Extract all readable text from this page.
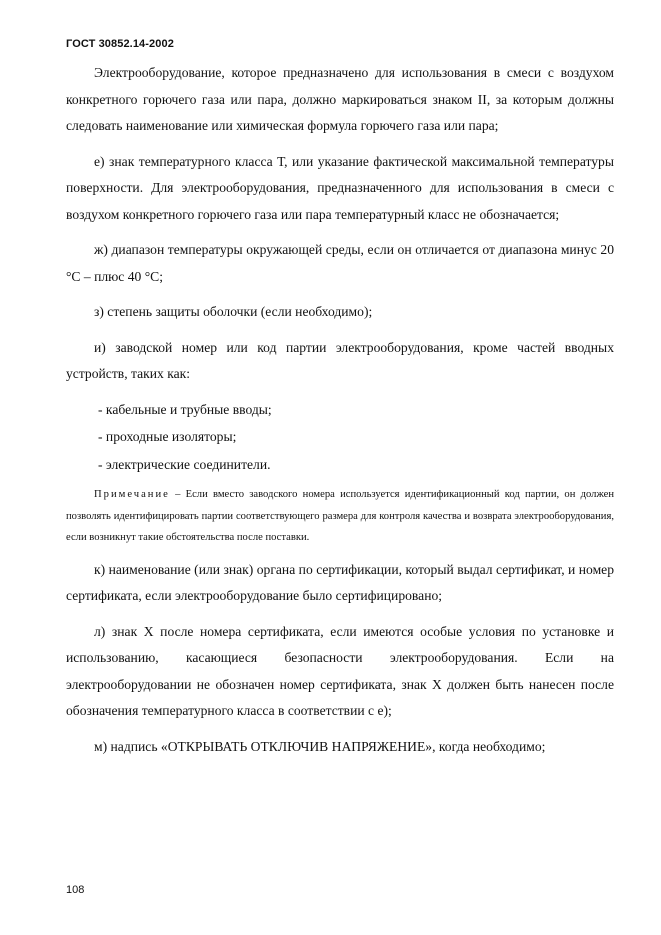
ГОСТ 30852.14-2002

Электрооборудование, которое предназначено для использования в смеси с воздухом конкретного горючего газа или пара, должно маркироваться знаком II, за которым должны следовать наименование или химическая формула горючего газа или пара;

е) знак температурного класса Т, или указание фактической максимальной температуры поверхности. Для электрооборудования, предназначенного для использования в смеси с воздухом конкретного горючего газа или пара температурный класс не обозначается;

ж) диапазон температуры окружающей среды, если он отличается от диапазона минус 20 °С – плюс 40 °С;

з) степень защиты оболочки (если необходимо);

и) заводской номер или код партии электрооборудования, кроме частей вводных устройств, таких как:

- кабельные и трубные вводы;

- проходные изоляторы;

- электрические соединители.

Примечание – Если вместо заводского номера используется идентификационный код партии, он должен позволять идентифицировать партии соответствующего размера для контроля качества и возврата электрооборудования, если возникнут такие обстоятельства после поставки.

к) наименование (или знак) органа по сертификации, который выдал сертификат, и номер сертификата, если электрооборудование было сертифицировано;

л) знак Х после номера сертификата, если имеются особые условия по установке и использованию, касающиеся безопасности электрооборудования. Если на электрооборудовании не обозначен номер сертификата, знак Х должен быть нанесен после обозначения температурного класса в соответствии с е);

м) надпись «ОТКРЫВАТЬ ОТКЛЮЧИВ НАПРЯЖЕНИЕ», когда необходимо;

108
